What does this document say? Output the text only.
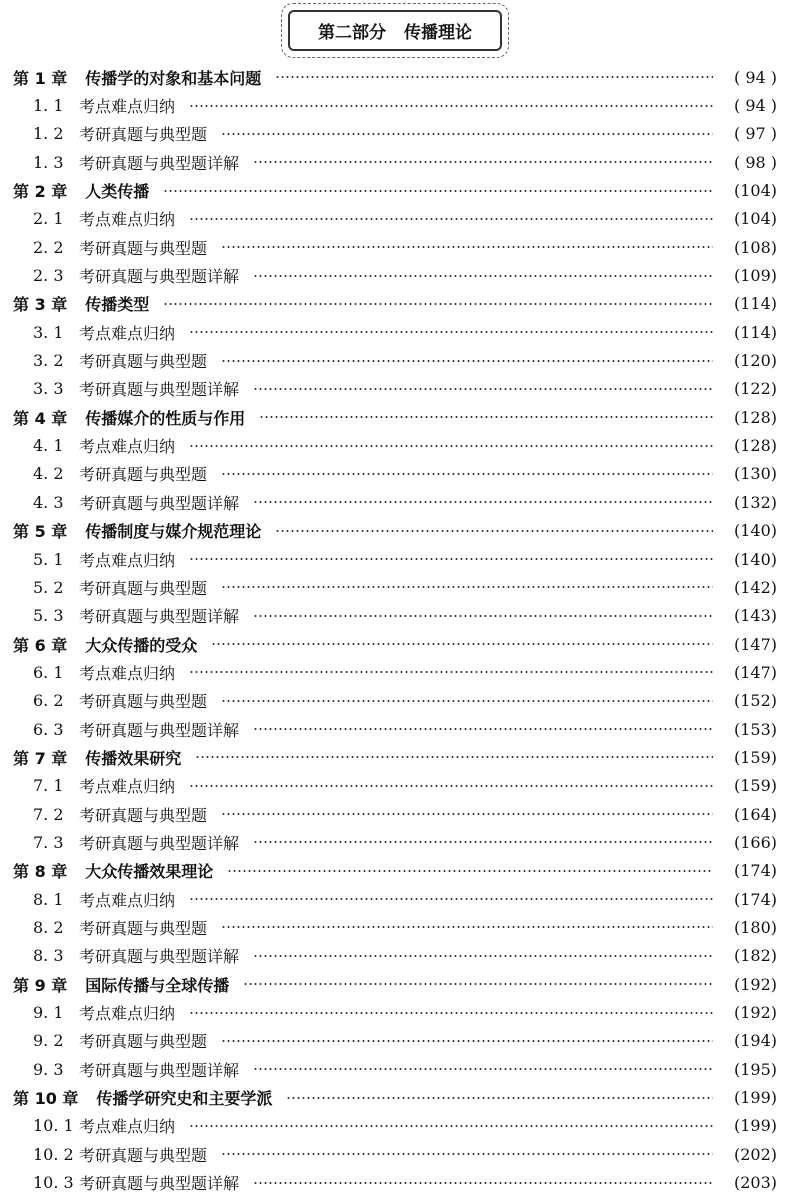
第二部分 传播理论
第 1 章 传播学的对象和基本问题	( 94 )
1. 1 考点难点归纳	( 94 )
1. 2 考研真题与典型题	( 97 )
1. 3 考研真题与典型题详解	( 98 )
第 2 章 人类传播	(104)
2. 1 考点难点归纳	(104)
2. 2 考研真题与典型题	(108)
2. 3 考研真题与典型题详解	(109)
第 3 章 传播类型	(114)
3. 1 考点难点归纳	(114)
3. 2 考研真题与典型题	(120)
3. 3 考研真题与典型题详解	(122)
第 4 章 传播媒介的性质与作用	(128)
4. 1 考点难点归纳	(128)
4. 2 考研真题与典型题	(130)
4. 3 考研真题与典型题详解	(132)
第 5 章 传播制度与媒介规范理论	(140)
5. 1 考点难点归纳	(140)
5. 2 考研真题与典型题	(142)
5. 3 考研真题与典型题详解	(143)
第 6 章 大众传播的受众	(147)
6. 1 考点难点归纳	(147)
6. 2 考研真题与典型题	(152)
6. 3 考研真题与典型题详解	(153)
第 7 章 传播效果研究	(159)
7. 1 考点难点归纳	(159)
7. 2 考研真题与典型题	(164)
7. 3 考研真题与典型题详解	(166)
第 8 章 大众传播效果理论	(174)
8. 1 考点难点归纳	(174)
8. 2 考研真题与典型题	(180)
8. 3 考研真题与典型题详解	(182)
第 9 章 国际传播与全球传播	(192)
9. 1 考点难点归纳	(192)
9. 2 考研真题与典型题	(194)
9. 3 考研真题与典型题详解	(195)
第 10 章 传播学研究史和主要学派	(199)
10. 1 考点难点归纳	(199)
10. 2 考研真题与典型题	(202)
10. 3 考研真题与典型题详解	(203)
